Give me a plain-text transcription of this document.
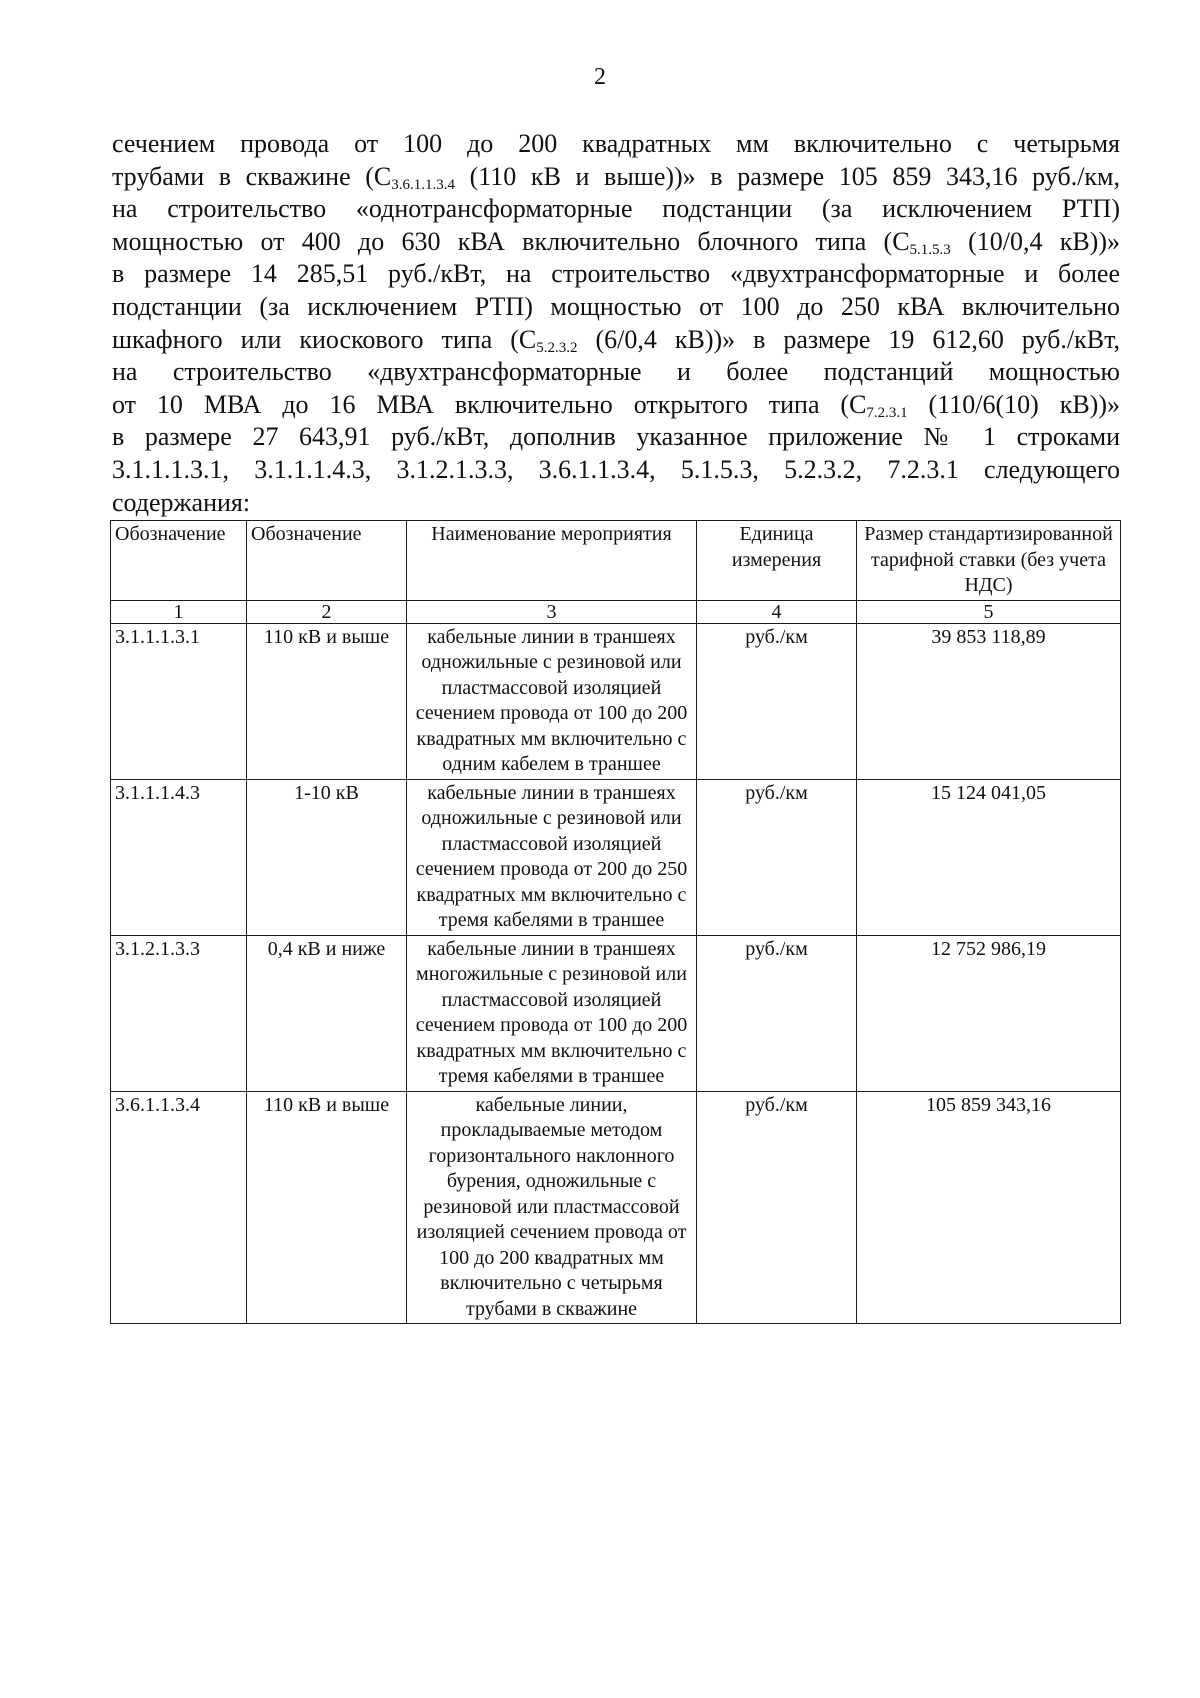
2
сечением провода от 100 до 200 квадратных мм включительно с четырьмя
трубами в скважине ($C_{3.6.1.1.3.4}$ (110 кВ и выше))» в размере 105 859 343,16 руб./км,
на строительство «однотрансформаторные подстанции (за исключением РТП)
мощностью от 400 до 630 кВА включительно блочного типа ($C_{5.1.5.3}$ (10/0,4 кВ))»
в размере 14 285,51 руб./кВт, на строительство «двухтрансформаторные и более
подстанции (за исключением РТП) мощностью от 100 до 250 кВА включительно
шкафного или киоскового типа ($C_{5.2.3.2}$ (6/0,4 кВ))» в размере 19 612,60 руб./кВт,
на строительство «двухтрансформаторные и более подстанций мощностью
от 10 МВА до 16 МВА включительно открытого типа ($C_{7.2.3.1}$ (110/6(10) кВ))»
в размере 27 643,91 руб./кВт, дополнив указанное приложение № 1 строками
3.1.1.1.3.1, 3.1.1.1.4.3, 3.1.2.1.3.3, 3.6.1.1.3.4, 5.1.5.3, 5.2.3.2, 7.2.3.1 следующего
содержания:
Обозначение	Обозначение	Наименование мероприятия	Единица измерения	Размер стандартизированной тарифной ставки (без учета НДС)
1	2	3	4	5
3.1.1.1.3.1	110 кВ и выше	кабельные линии в траншеях одножильные с резиновой или пластмассовой изоляцией сечением провода от 100 до 200 квадратных мм включительно с одним кабелем в траншее	руб./км	39 853 118,89
3.1.1.1.4.3	1-10 кВ	кабельные линии в траншеях одножильные с резиновой или пластмассовой изоляцией сечением провода от 200 до 250 квадратных мм включительно с тремя кабелями в траншее	руб./км	15 124 041,05
3.1.2.1.3.3	0,4 кВ и ниже	кабельные линии в траншеях многожильные с резиновой или пластмассовой изоляцией сечением провода от 100 до 200 квадратных мм включительно с тремя кабелями в траншее	руб./км	12 752 986,19
3.6.1.1.3.4	110 кВ и выше	кабельные линии, прокладываемые методом горизонтального наклонного бурения, одножильные с резиновой или пластмассовой изоляцией сечением провода от 100 до 200 квадратных мм включительно с четырьмя трубами в скважине	руб./км	105 859 343,16
